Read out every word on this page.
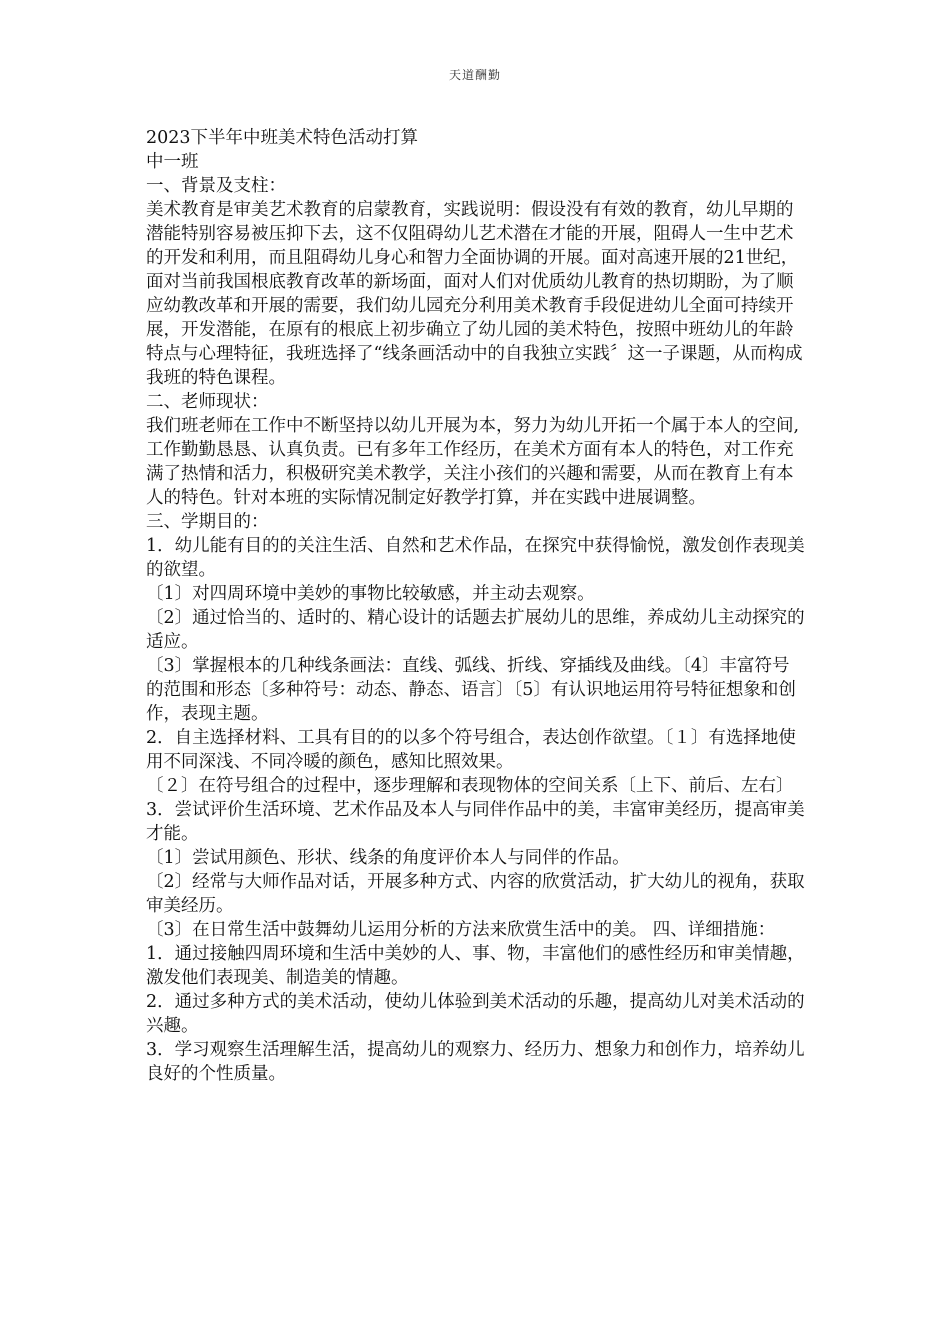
天道酬勤

2023下半年中班美术特色活动打算

中一班

一、背景及支柱：

美术教育是审美艺术教育的启蒙教育，实践说明：假设没有有效的教育，幼儿早期的潜能特别容易被压抑下去，这不仅阻碍幼儿艺术潜在才能的开展，阻碍人一生中艺术的开发和利用，而且阻碍幼儿身心和智力全面协调的开展。面对高速开展的21世纪，面对当前我国根底教育改革的新场面，面对人们对优质幼儿教育的热切期盼，为了顺应幼教改革和开展的需要，我们幼儿园充分利用美术教育手段促进幼儿全面可持续开展，开发潜能，在原有的根底上初步确立了幼儿园的美术特色，按照中班幼儿的年龄特点与心理特征，我班选择了“线条画活动中的自我独立实践〞这一子课题，从而构成我班的特色课程。

二、老师现状：

我们班老师在工作中不断坚持以幼儿开展为本，努力为幼儿开拓一个属于本人的空间,工作勤勤恳恳、认真负责。已有多年工作经历，在美术方面有本人的特色，对工作充满了热情和活力，积极研究美术教学，关注小孩们的兴趣和需要，从而在教育上有本人的特色。针对本班的实际情况制定好教学打算，并在实践中进展调整。

三、学期目的：

1．幼儿能有目的的关注生活、自然和艺术作品，在探究中获得愉悦，激发创作表现美的欲望。

〔1〕对四周环境中美妙的事物比较敏感，并主动去观察。

〔2〕通过恰当的、适时的、精心设计的话题去扩展幼儿的思维，养成幼儿主动探究的适应。

〔3〕掌握根本的几种线条画法：直线、弧线、折线、穿插线及曲线。〔4〕丰富符号的范围和形态〔多种符号：动态、静态、语言〕〔5〕有认识地运用符号特征想象和创作，表现主题。

2．自主选择材料、工具有目的的以多个符号组合，表达创作欲望。〔１〕有选择地使用不同深浅、不同冷暖的颜色，感知比照效果。

〔２〕在符号组合的过程中，逐步理解和表现物体的空间关系〔上下、前后、左右〕

3．尝试评价生活环境、艺术作品及本人与同伴作品中的美，丰富审美经历，提高审美才能。

〔1〕尝试用颜色、形状、线条的角度评价本人与同伴的作品。

〔2〕经常与大师作品对话，开展多种方式、内容的欣赏活动，扩大幼儿的视角，获取审美经历。

〔3〕在日常生活中鼓舞幼儿运用分析的方法来欣赏生活中的美。 四、详细措施：

1．通过接触四周环境和生活中美妙的人、事、物，丰富他们的感性经历和审美情趣，激发他们表现美、制造美的情趣。

2．通过多种方式的美术活动，使幼儿体验到美术活动的乐趣，提高幼儿对美术活动的兴趣。

3．学习观察生活理解生活，提高幼儿的观察力、经历力、想象力和创作力，培养幼儿良好的个性质量。
